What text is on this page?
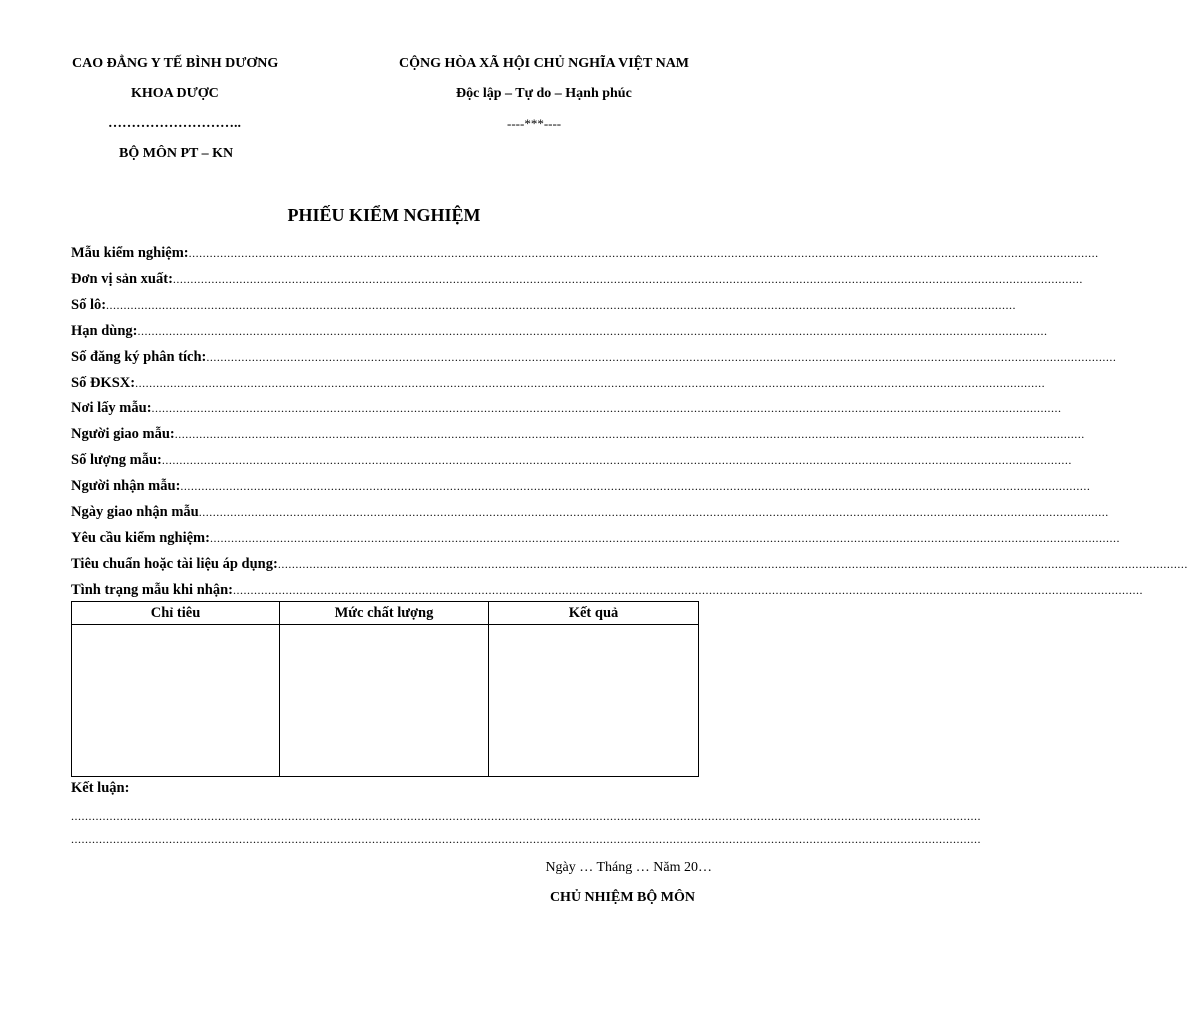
CAO ĐẲNG Y TẾ BÌNH DƯƠNG
KHOA DƯỢC
………………………..
BỘ MÔN PT – KN
CỘNG HÒA XÃ HỘI CHỦ NGHĨA VIỆT NAM
Độc lập – Tự do – Hạnh phúc
----***----
PHIẾU KIỂM NGHIỆM
Mẫu kiểm nghiệm: ....................................................................................................................................................................................................................................................................
Đơn vị sản xuất: ....................................................................................................................................................................................................................................................................
Số lô: ....................................................................................................................................................................................................................................................................
Hạn dùng: ....................................................................................................................................................................................................................................................................
Số đăng ký phân tích: ....................................................................................................................................................................................................................................................................
Số ĐKSX: ....................................................................................................................................................................................................................................................................
Nơi lấy mẫu: ....................................................................................................................................................................................................................................................................
Người giao mẫu: ....................................................................................................................................................................................................................................................................
Số lượng mẫu: ....................................................................................................................................................................................................................................................................
Người nhận mẫu: ....................................................................................................................................................................................................................................................................
Ngày giao nhận mẫu ....................................................................................................................................................................................................................................................................
Yêu cầu kiểm nghiệm: ....................................................................................................................................................................................................................................................................
Tiêu chuẩn hoặc tài liệu áp dụng: ....................................................................................................................................................................................................................................................................
Tình trạng mẫu khi nhận: ....................................................................................................................................................................................................................................................................
Chỉ tiêu	Mức chất lượng	Kết quả

Kết luận:
....................................................................................................................................................................................................................................................................
....................................................................................................................................................................................................................................................................
Ngày … Tháng … Năm 20…
CHỦ NHIỆM BỘ MÔN
